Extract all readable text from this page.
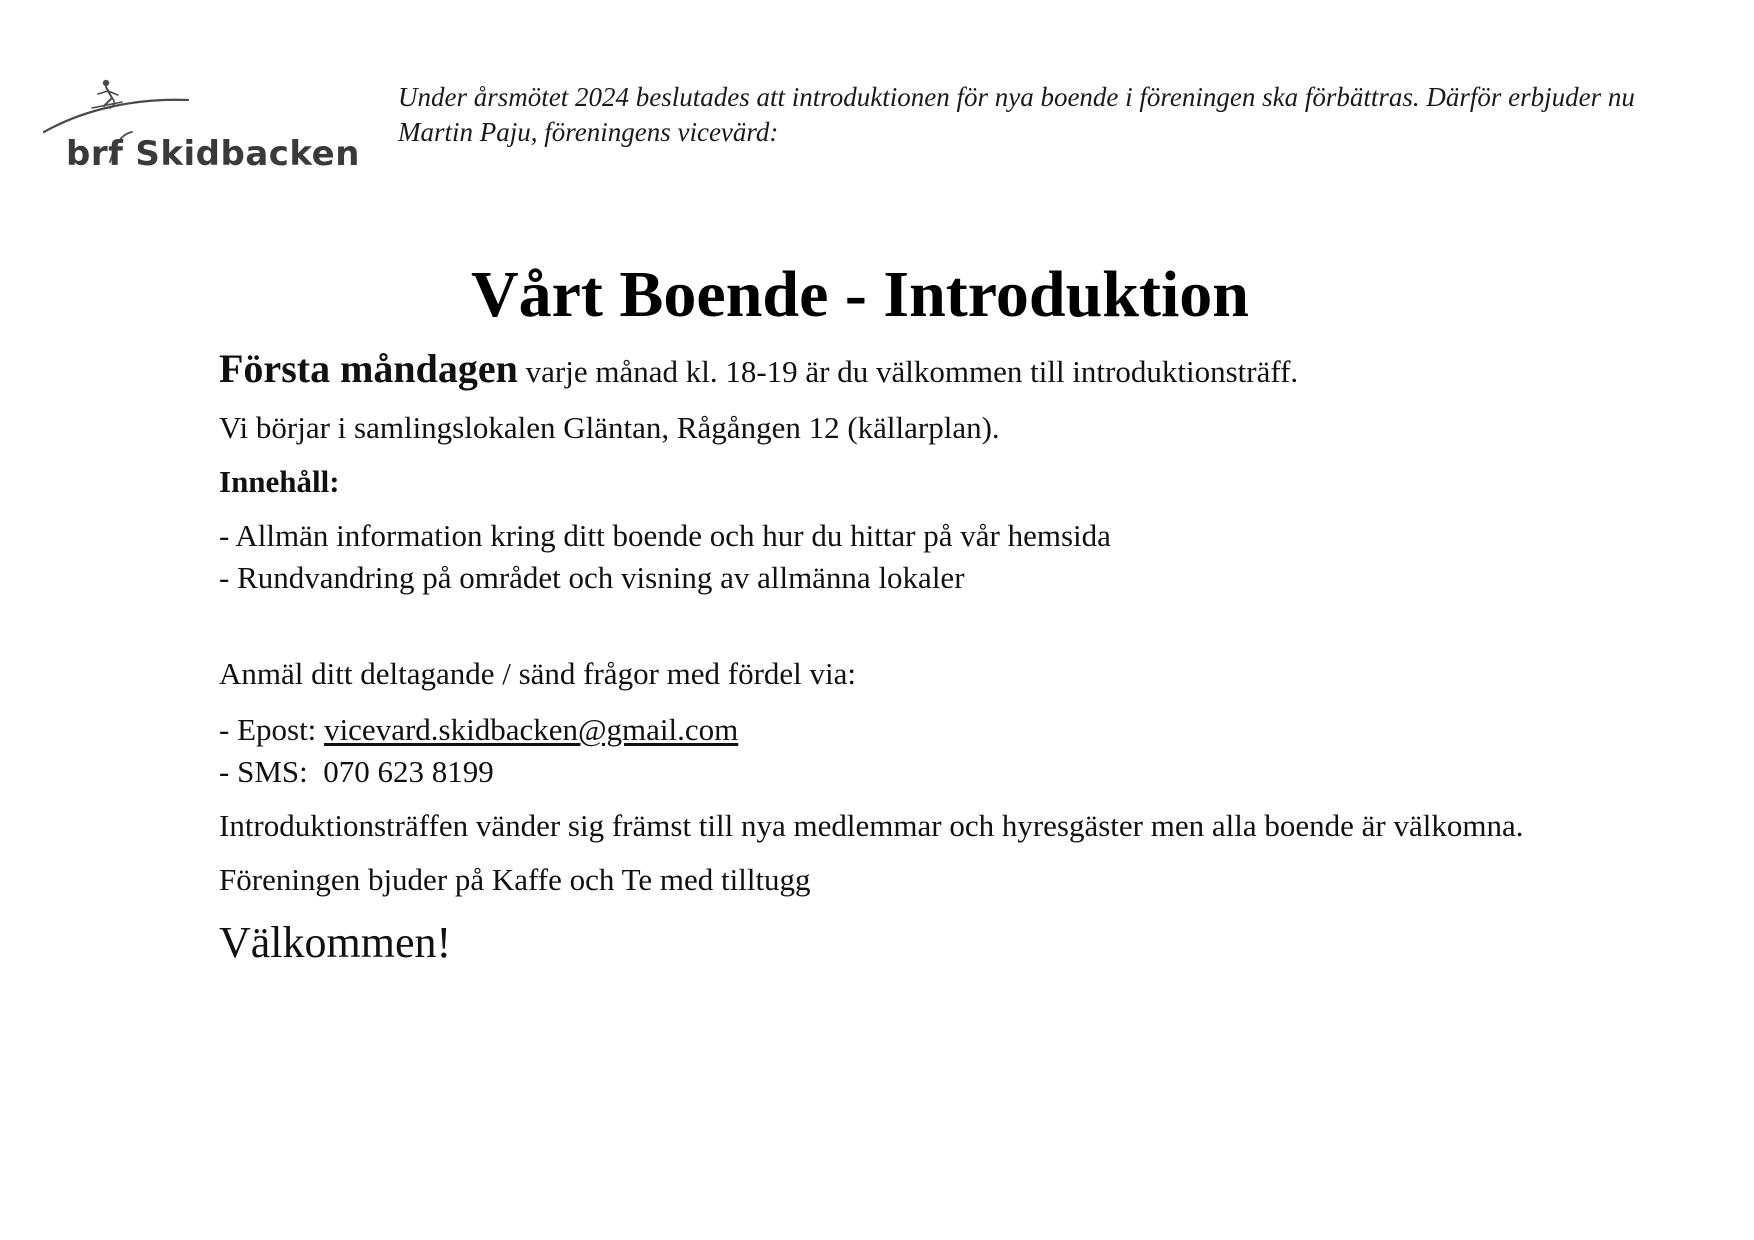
brf Skidbacken
Under årsmötet 2024 beslutades att introduktionen för nya boende i föreningen ska förbättras. Därför erbjuder nu Martin Paju, föreningens vicevärd:
Vårt Boende - Introduktion

Första måndagen varje månad kl. 18-19 är du välkommen till introduktionsträff.

Vi börjar i samlingslokalen Gläntan, Rågången 12 (källarplan).

Innehåll:

- Allmän information kring ditt boende och hur du hittar på vår hemsida

- Rundvandring på området och visning av allmänna lokaler

Anmäl ditt deltagande / sänd frågor med fördel via:

- Epost: vicevard.skidbacken@gmail.com

- SMS:  070 623 8199

Introduktionsträffen vänder sig främst till nya medlemmar och hyresgäster men alla boende är välkomna.

Föreningen bjuder på Kaffe och Te med tilltugg

Välkommen!
